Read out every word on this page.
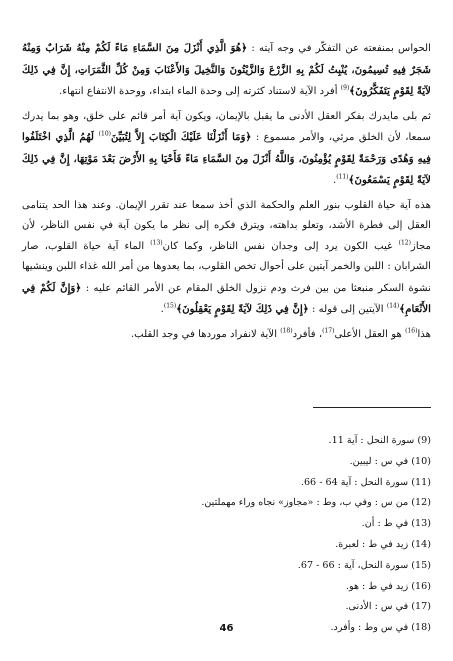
الحواس بمنفعته عن التفكّر في وجه آيته : ﴿هُوَ الَّذِي أَنْزَلَ مِنَ السَّمَاءِ مَاءً لَكُمْ مِنْهُ شَرَابٌ وَمِنْهُ شَجَرٌ فِيهِ تُسِيمُونَ، يُنْبِتُ لَكُمْ بِهِ الزَّرْعَ وَالزَّيْتُونَ وَالنَّخِيلَ وَالأَعْنَابَ وَمِنْ كُلِّ الثَّمَرَاتِ، إِنَّ فِي ذَلِكَ لآيَةً لِقَوْمٍ يَتَفَكَّرُونَ﴾$^{(9)}$ أفرد الآية لاستناد كثرته إلى وحدة الماء ابتداء، ووحدة الانتفاع انتهاء.

ثم بلى مايدرك بفكر العقل الأدنى ما يقبل بالإيمان، ويكون آية أمر قائم على خلق، وهو بما يدرك سمعا، لأن الخلق مرئي، والأمر مسموع : ﴿وَمَا أَنْزَلْنَا عَلَيْكَ الْكِتَابَ إِلاَّ لِتُبَيِّنَ$^{(10)}$ لَهُمُ الَّذِي اخْتَلَفُوا فِيهِ وَهُدًى وَرَحْمَةً لِقَوْمٍ يُؤْمِنُونَ، وَاللَّهُ أَنْزَلَ مِنَ السَّمَاءِ مَاءً فَأَحْيَا بِهِ الأَرْضَ بَعْدَ مَوْتِهَا، إِنَّ فِي ذَلِكَ لآيَةً لِقَوْمٍ يَسْمَعُونَ﴾$^{(11)}$.

هذه آية حياة القلوب بنور العلم والحكمة الذي أخذ سمعا عند تقرر الإيمان. وعند هذا الحد يتنامى العقل إلى فطرة الأشد، وتعلو بداهته، ويترق فكره إلى نظر ما يكون آية في نفس الناظر، لأن مجاز$^{(12)}$ غيب الكون يرد إلى وجدان نفس الناظر، وكما كان$^{(13)}$ الماء آية حياة القلوب، صار الشرابان : اللبن والخمر آيتين على أحوال تخص القلوب، بما يعدوها من أمر الله غذاء اللبن وينشيها نشوة السكر منبعثا من بين فرث ودم نزول الخلق المقام عن الأمر القائم عليه : ﴿وَإِنَّ لَكُمْ فِي الأَنْعَامِ﴾$^{(14)}$ الآيتين إلى قوله : ﴿إِنَّ فِي ذَلِكَ لآيَةً لِقَوْمٍ يَعْقِلُونَ﴾$^{(15)}$.

هذا$^{(16)}$ هو العقل الأعلى$^{(17)}$، فأفرد$^{(18)}$ الآية لانفراد موردها في وجد القلب.

(9) سورة النحل : آية 11.
(10) في س : ليبين.
(11) سورة النحل : آية 64 - 66.
(12) من س : وفي ب، وط : «مجاوز» نجاه وراء مهملتين.
(13) في ط : أن.
(14) زيد في ط : لعبرة.
(15) سورة النحل، آية : 66 - 67.
(16) زيد في ط : هو.
(17) في س : الأدنى.
(18) في س وط : وأفرد.
46
